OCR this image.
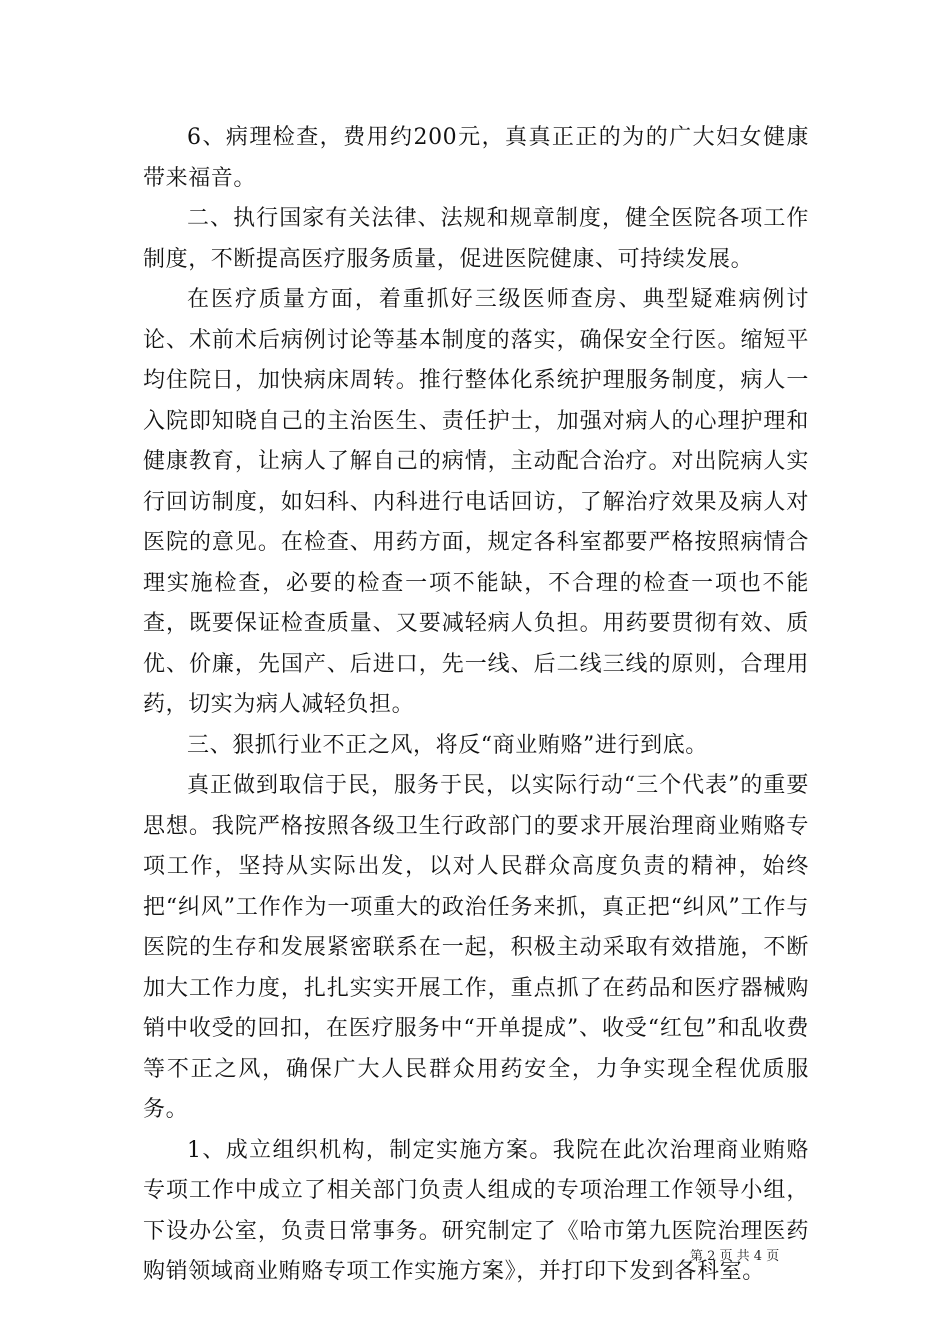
6、病理检查，费用约200元，真真正正的为的广大妇女健康带来福音。

二、执行国家有关法律、法规和规章制度，健全医院各项工作制度，不断提高医疗服务质量，促进医院健康、可持续发展。

在医疗质量方面，着重抓好三级医师查房、典型疑难病例讨论、术前术后病例讨论等基本制度的落实，确保安全行医。缩短平均住院日，加快病床周转。推行整体化系统护理服务制度，病人一入院即知晓自己的主治医生、责任护士，加强对病人的心理护理和健康教育，让病人了解自己的病情，主动配合治疗。对出院病人实行回访制度，如妇科、内科进行电话回访，了解治疗效果及病人对医院的意见。在检查、用药方面，规定各科室都要严格按照病情合理实施检查，必要的检查一项不能缺，不合理的检查一项也不能查，既要保证检查质量、又要减轻病人负担。用药要贯彻有效、质优、价廉，先国产、后进口，先一线、后二线三线的原则，合理用药，切实为病人减轻负担。

三、狠抓行业不正之风，将反“商业贿赂”进行到底。

真正做到取信于民，服务于民，以实际行动“三个代表”的重要思想。我院严格按照各级卫生行政部门的要求开展治理商业贿赂专项工作，坚持从实际出发，以对人民群众高度负责的精神，始终把“纠风”工作作为一项重大的政治任务来抓，真正把“纠风”工作与医院的生存和发展紧密联系在一起，积极主动采取有效措施，不断加大工作力度，扎扎实实开展工作，重点抓了在药品和医疗器械购销中收受的回扣，在医疗服务中“开单提成”、收受“红包”和乱收费等不正之风，确保广大人民群众用药安全，力争实现全程优质服务。

1、成立组织机构，制定实施方案。我院在此次治理商业贿赂专项工作中成立了相关部门负责人组成的专项治理工作领导小组，下设办公室，负责日常事务。研究制定了《哈市第九医院治理医药购销领域商业贿赂专项工作实施方案》，并打印下发到各科室。

第 2 页 共 4 页
